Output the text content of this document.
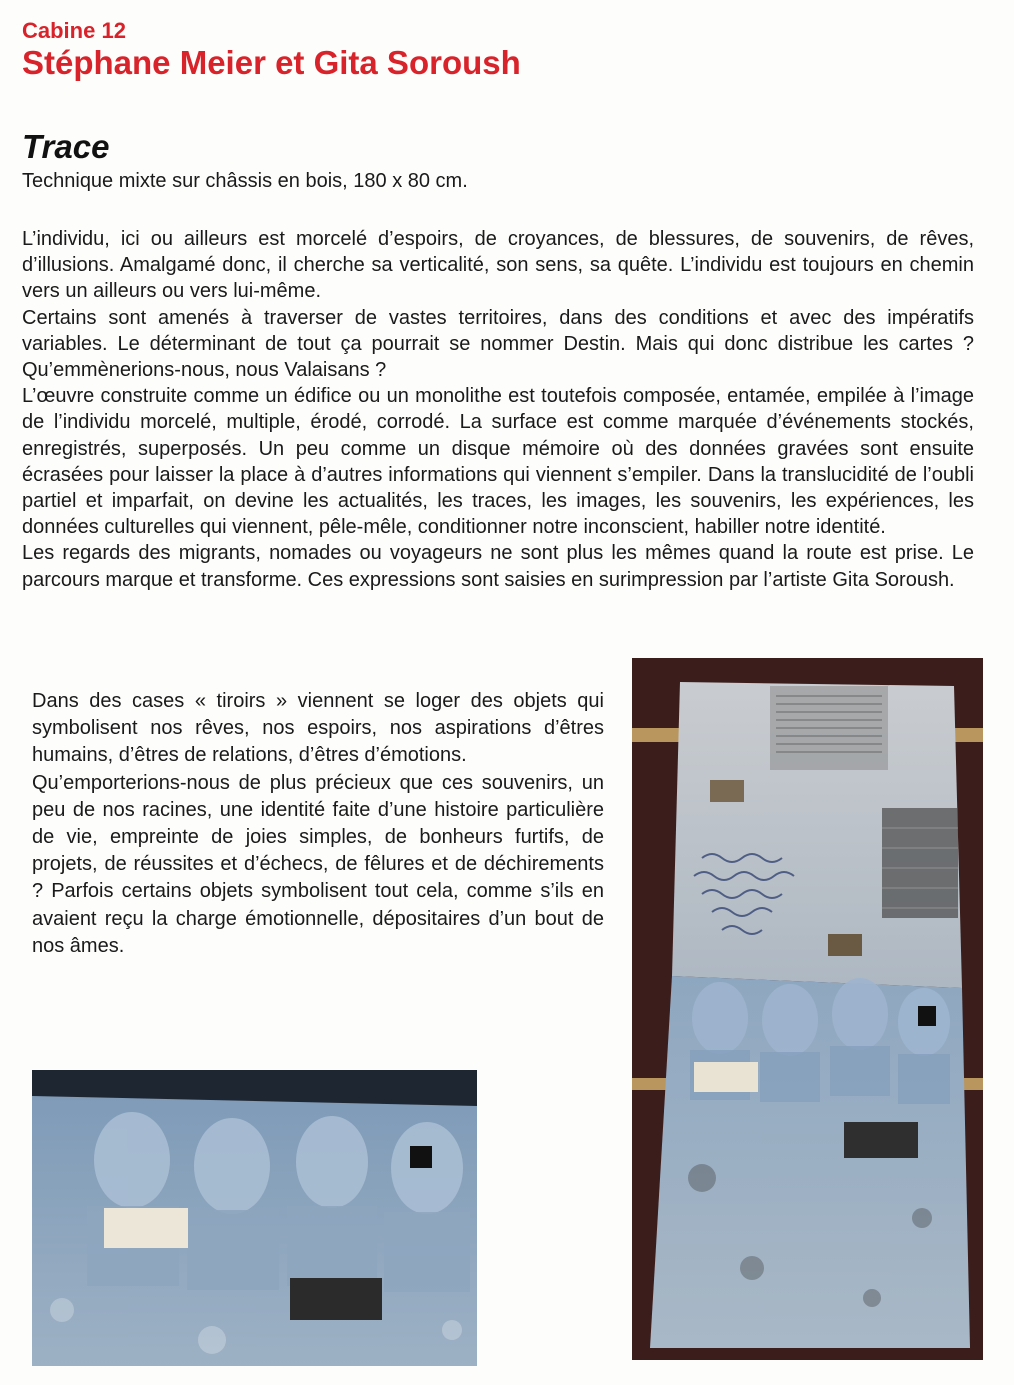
Cabine 12
Stéphane Meier et Gita Soroush
Trace
Technique mixte sur châssis en bois, 180 x 80 cm.

L’individu, ici ou ailleurs est morcelé d’espoirs, de croyances, de blessures, de souvenirs, de rêves, d’illusions. Amalgamé donc, il cherche sa verticalité, son sens, sa quête. L’individu est toujours en chemin vers un ailleurs ou vers lui-même.

Certains sont amenés à traverser de vastes territoires, dans des conditions et avec des impératifs variables. Le déterminant de tout ça pourrait se nommer Destin. Mais qui donc distribue les cartes ? Qu’emmènerions-nous, nous Valaisans ?

L’œuvre construite comme un édifice ou un monolithe est toutefois composée, entamée, empilée à l’image de l’individu morcelé, multiple, érodé, corrodé. La surface est comme marquée d’événements stockés, enregistrés, superposés. Un peu comme un disque mémoire où des données gravées sont ensuite écrasées pour laisser la place à d’autres informations qui viennent s’empiler. Dans la translucidité de l’oubli partiel et imparfait, on devine les actualités, les traces, les images, les souvenirs, les expériences, les données culturelles qui viennent, pêle-mêle, conditionner notre inconscient, habiller notre identité.

Les regards des migrants, nomades ou voyageurs ne sont plus les mêmes quand la route est prise. Le parcours marque et transforme. Ces expressions sont saisies en surimpression par l’artiste Gita Soroush.

Dans des cases « tiroirs » viennent se loger des objets qui symbolisent nos rêves, nos espoirs, nos aspirations d’êtres humains, d’êtres de relations, d’êtres d’émotions.

Qu’emporterions-nous de plus précieux que ces souvenirs, un peu de nos racines, une identité faite d’une histoire particulière de vie, empreinte de joies simples, de bonheurs furtifs, de projets, de réussites et d’échecs, de fêlures et de déchirements ? Parfois certains objets symbolisent tout cela, comme s’ils en avaient reçu la charge émotionnelle, dépositaires d’un bout de nos âmes.
